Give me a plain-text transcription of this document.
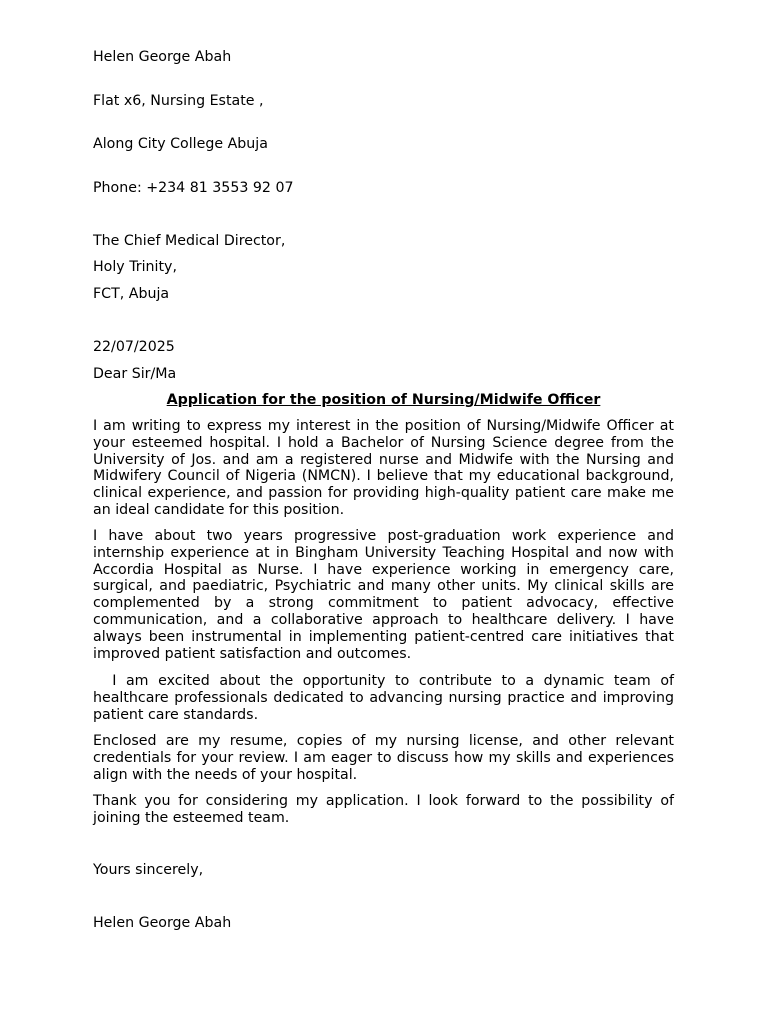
Helen George Abah
Flat x6, Nursing Estate ,
Along City College Abuja
Phone: +234 81 3553 92 07
The Chief Medical Director,
Holy Trinity,
FCT, Abuja
22/07/2025
Dear Sir/Ma
Application for the position of Nursing/Midwife Officer
I am writing to express my interest in the position of Nursing/Midwife Officer at your esteemed hospital. I hold a Bachelor of Nursing Science degree from the University of Jos. and am a registered nurse and Midwife with the Nursing and Midwifery Council of Nigeria (NMCN). I believe that my educational background, clinical experience, and passion for providing high-quality patient care make me an ideal candidate for this position.
I have about two years progressive post-graduation work experience and internship experience at in Bingham University Teaching Hospital and now with Accordia Hospital as Nurse. I have experience working in emergency care, surgical, and paediatric, Psychiatric and many other units. My clinical skills are complemented by a strong commitment to patient advocacy, effective communication, and a collaborative approach to healthcare delivery. I have always been instrumental in implementing patient-centred care initiatives that improved patient satisfaction and outcomes.
I am excited about the opportunity to contribute to a dynamic team of healthcare professionals dedicated to advancing nursing practice and improving patient care standards.
Enclosed are my resume, copies of my nursing license, and other relevant credentials for your review. I am eager to discuss how my skills and experiences align with the needs of your hospital.
Thank you for considering my application. I look forward to the possibility of joining the esteemed team.
Yours sincerely,
Helen George Abah
